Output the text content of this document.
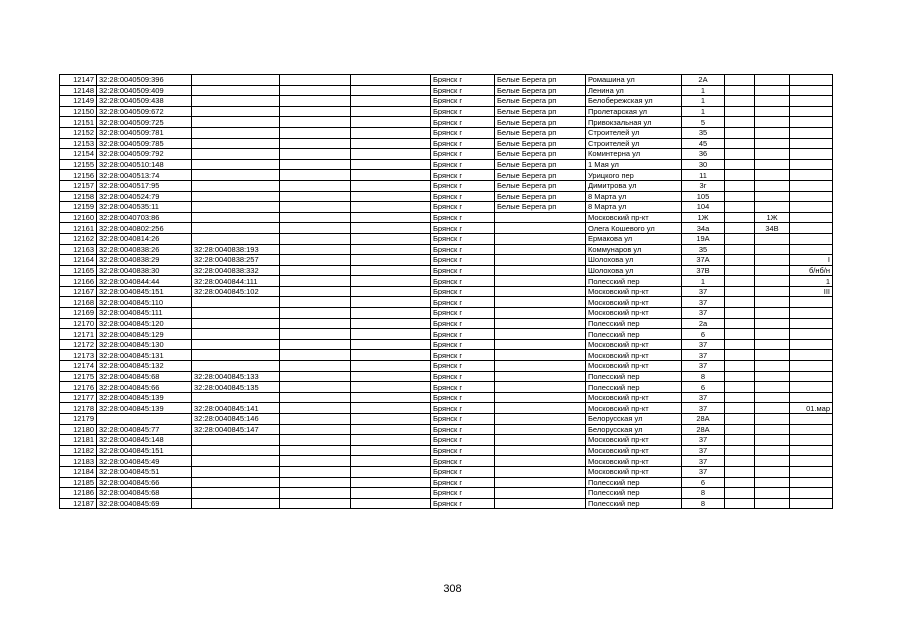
12147	32:28:0040509:396				Брянск г	Белые Берега рп	Ромашина ул	2А			
12148	32:28:0040509:409				Брянск г	Белые Берега рп	Ленина ул	1			
12149	32:28:0040509:438				Брянск г	Белые Берега рп	Белобережская ул	1			
12150	32:28:0040509:672				Брянск г	Белые Берега рп	Пролетарская ул	1			
12151	32:28:0040509:725				Брянск г	Белые Берега рп	Привокзальная ул	5			
12152	32:28:0040509:781				Брянск г	Белые Берега рп	Строителей ул	35			
12153	32:28:0040509:785				Брянск г	Белые Берега рп	Строителей ул	45			
12154	32:28:0040509:792				Брянск г	Белые Берега рп	Коминтерна ул	36			
12155	32:28:0040510:148				Брянск г	Белые Берега рп	1 Мая ул	30			
12156	32:28:0040513:74				Брянск г	Белые Берега рп	Урицкого пер	11			
12157	32:28:0040517:95				Брянск г	Белые Берега рп	Димитрова ул	3г			
12158	32:28:0040524:79				Брянск г	Белые Берега рп	8 Марта ул	105			
12159	32:28:0040535:11				Брянск г	Белые Берега рп	8 Марта ул	104			
12160	32:28:0040703:86				Брянск г		Московский пр-кт	1Ж		1Ж	
12161	32:28:0040802:256				Брянск г		Олега Кошевого ул	34а		34В	
12162	32:28:0040814:26				Брянск г		Ермакова ул	19А			
12163	32:28:0040838:26	32:28:0040838:193			Брянск г		Коммунаров ул	35			
12164	32:28:0040838:29	32:28:0040838:257			Брянск г		Шолохова ул	37А			I
12165	32:28:0040838:30	32:28:0040838:332			Брянск г		Шолохова ул	37В			б/нб/н
12166	32:28:0040844:44	32:28:0040844:111			Брянск г		Полесский пер	1			1
12167	32:28:0040845:151	32:28:0040845:102			Брянск г		Московский пр-кт	37			III
12168	32:28:0040845:110				Брянск г		Московский пр-кт	37			
12169	32:28:0040845:111				Брянск г		Московский пр-кт	37			
12170	32:28:0040845:120				Брянск г		Полесский пер	2а			
12171	32:28:0040845:129				Брянск г		Полесский пер	6			
12172	32:28:0040845:130				Брянск г		Московский пр-кт	37			
12173	32:28:0040845:131				Брянск г		Московский пр-кт	37			
12174	32:28:0040845:132				Брянск г		Московский пр-кт	37			
12175	32:28:0040845:68	32:28:0040845:133			Брянск г		Полесский пер	8			
12176	32:28:0040845:66	32:28:0040845:135			Брянск г		Полесский пер	6			
12177	32:28:0040845:139				Брянск г		Московский пр-кт	37			
12178	32:28:0040845:139	32:28:0040845:141			Брянск г		Московский пр-кт	37			01.мар
12179		32:28:0040845:146			Брянск г		Белорусская ул	28А			
12180	32:28:0040845:77	32:28:0040845:147			Брянск г		Белорусская ул	28А			
12181	32:28:0040845:148				Брянск г		Московский пр-кт	37			
12182	32:28:0040845:151				Брянск г		Московский пр-кт	37			
12183	32:28:0040845:49				Брянск г		Московский пр-кт	37			
12184	32:28:0040845:51				Брянск г		Московский пр-кт	37			
12185	32:28:0040845:66				Брянск г		Полесский пер	6			
12186	32:28:0040845:68				Брянск г		Полесский пер	8			
12187	32:28:0040845:69				Брянск г		Полесский пер	8			
308
